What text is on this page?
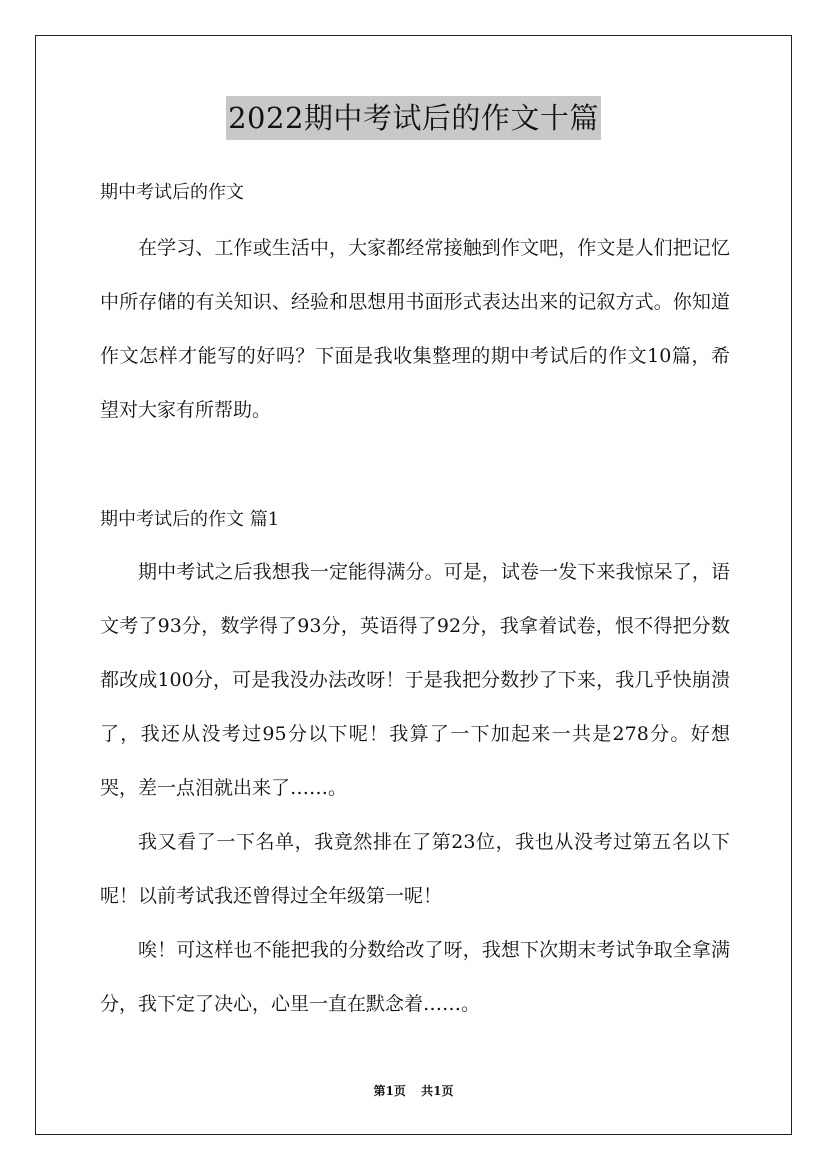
2022期中考试后的作文十篇
期中考试后的作文
在学习、工作或生活中，大家都经常接触到作文吧，作文是人们把记忆中所存储的有关知识、经验和思想用书面形式表达出来的记叙方式。你知道作文怎样才能写的好吗？下面是我收集整理的期中考试后的作文10篇，希望对大家有所帮助。
期中考试后的作文 篇1
期中考试之后我想我一定能得满分。可是，试卷一发下来我惊呆了，语文考了93分，数学得了93分，英语得了92分，我拿着试卷，恨不得把分数都改成100分，可是我没办法改呀！于是我把分数抄了下来，我几乎快崩溃了，我还从没考过95分以下呢！我算了一下加起来一共是278分。好想哭，差一点泪就出来了……。
我又看了一下名单，我竟然排在了第23位，我也从没考过第五名以下呢！以前考试我还曾得过全年级第一呢！
唉！可这样也不能把我的分数给改了呀，我想下次期末考试争取全拿满分，我下定了决心，心里一直在默念着……。
第1页 共1页
